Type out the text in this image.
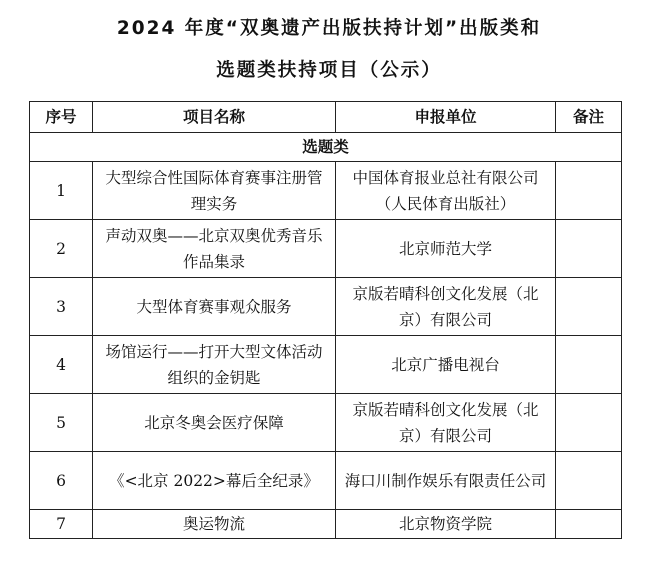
2024 年度“双奥遗产出版扶持计划”出版类和
选题类扶持项目（公示）
序号	项目名称	申报单位	备注
选题类			
1	大型综合性国际体育赛事注册管理实务	中国体育报业总社有限公司（人民体育出版社）	
2	声动双奥——北京双奥优秀音乐作品集录	北京师范大学	
3	大型体育赛事观众服务	京版若晴科创文化发展（北京）有限公司	
4	场馆运行——打开大型文体活动组织的金钥匙	北京广播电视台	
5	北京冬奥会医疗保障	京版若晴科创文化发展（北京）有限公司	
6	《<北京 2022>幕后全纪录》	海口川制作娱乐有限责任公司	
7	奥运物流	北京物资学院	
